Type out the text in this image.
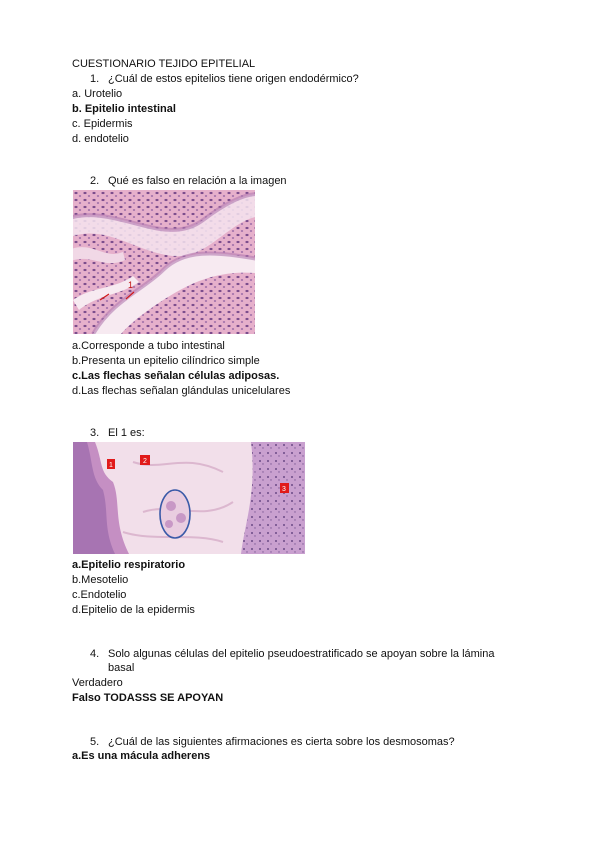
CUESTIONARIO TEJIDO EPITELIAL
1. ¿Cuál de estos epitelios tiene origen endodérmico?
a. Urotelio
b. Epitelio intestinal
c. Epidermis
d. endotelio
2. Qué es falso en relación a la imagen
1
a.Corresponde a tubo intestinal
b.Presenta un epitelio cilíndrico simple
c.Las flechas señalan células adiposas.
d.Las flechas señalan glándulas unicelulares
3. El 1 es:
1
2
3
a.Epitelio respiratorio
b.Mesotelio
c.Endotelio
d.Epitelio de la epidermis
4. Solo algunas células del epitelio pseudoestratificado se apoyan sobre la lámina basal
Verdadero
Falso TODASSS SE APOYAN
5. ¿Cuál de las siguientes afirmaciones es cierta sobre los desmosomas?
a.Es una mácula adherens
